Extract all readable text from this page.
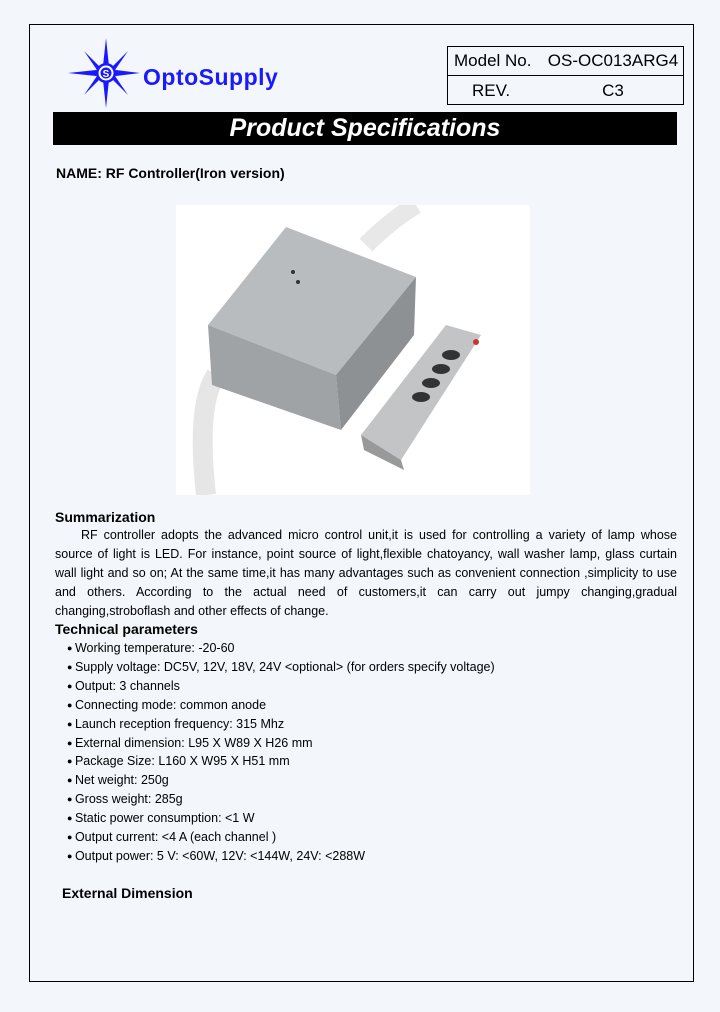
S OptoSupply
Model No. OS-OC013ARG4
REV.	C3
Product Specifications
NAME: RF Controller(Iron version)
Summarization

RF controller adopts the advanced micro control unit,it is used for controlling a variety of lamp whose source of light is LED. For instance, point source of light,flexible chatoyancy, wall washer lamp, glass curtain wall light and so on; At the same time,it has many advantages such as convenient connection ,simplicity to use and others. According to the actual need of customers,it can carry out jumpy changing,gradual changing,stroboflash and other effects of change.

Technical parameters
● Working temperature: -20-60
● Supply voltage: DC5V, 12V, 18V, 24V <optional> (for orders specify voltage)
● Output: 3 channels
● Connecting mode: common anode
● Launch reception frequency: 315 Mhz
● External dimension: L95 X W89 X H26 mm
● Package Size: L160 X W95 X H51 mm
● Net weight: 250g
● Gross weight: 285g
● Static power consumption: <1 W
● Output current: <4 A (each channel )
● Output power: 5 V: <60W, 12V: <144W, 24V: <288W
External Dimension
